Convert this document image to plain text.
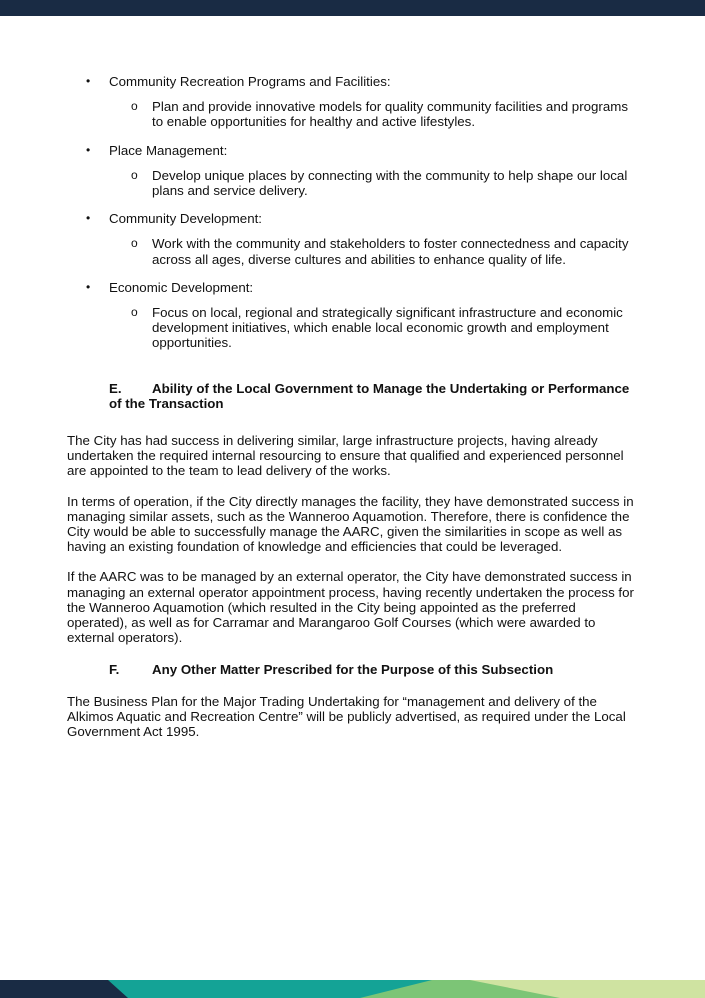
• Community Recreation Programs and Facilities:
o Plan and provide innovative models for quality community facilities and programs to enable opportunities for healthy and active lifestyles.
• Place Management:
o Develop unique places by connecting with the community to help shape our local plans and service delivery.
• Community Development:
o Work with the community and stakeholders to foster connectedness and capacity across all ages, diverse cultures and abilities to enhance quality of life.
• Economic Development:
o Focus on local, regional and strategically significant infrastructure and economic development initiatives, which enable local economic growth and employment opportunities.
E. Ability of the Local Government to Manage the Undertaking or Performance of the Transaction

The City has had success in delivering similar, large infrastructure projects, having already undertaken the required internal resourcing to ensure that qualified and experienced personnel are appointed to the team to lead delivery of the works.

In terms of operation, if the City directly manages the facility, they have demonstrated success in managing similar assets, such as the Wanneroo Aquamotion. Therefore, there is confidence the City would be able to successfully manage the AARC, given the similarities in scope as well as having an existing foundation of knowledge and efficiencies that could be leveraged.

If the AARC was to be managed by an external operator, the City have demonstrated success in managing an external operator appointment process, having recently undertaken the process for the Wanneroo Aquamotion (which resulted in the City being appointed as the preferred operated), as well as for Carramar and Marangaroo Golf Courses (which were awarded to external operators).

F. Any Other Matter Prescribed for the Purpose of this Subsection

The Business Plan for the Major Trading Undertaking for “management and delivery of the Alkimos Aquatic and Recreation Centre” will be publicly advertised, as required under the Local Government Act 1995.
